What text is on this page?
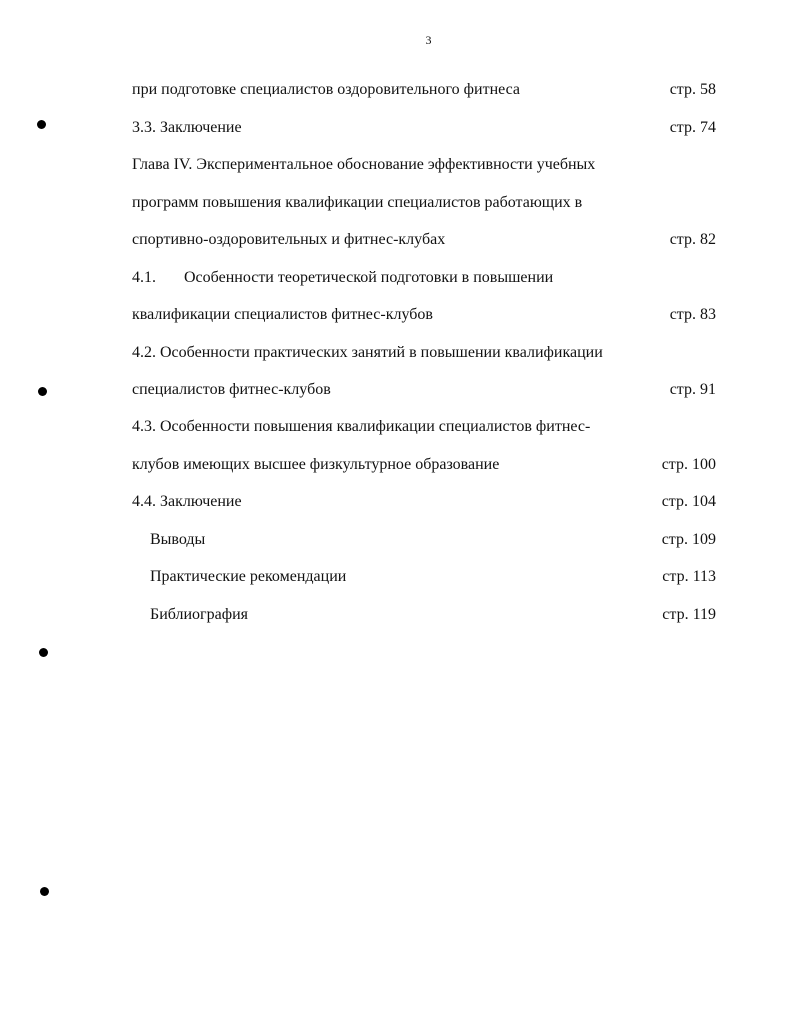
3
при подготовке специалистов оздоровительного фитнеса	стр. 58
3.3. Заключение	стр. 74
Глава IV. Экспериментальное обоснование эффективности учебных
программ повышения квалификации специалистов работающих в
спортивно-оздоровительных и фитнес-клубах	стр. 82
4.1. Особенности теоретической подготовки в повышении
квалификации специалистов фитнес-клубов	стр. 83
4.2. Особенности практических занятий в повышении квалификации
специалистов фитнес-клубов	стр. 91
4.3. Особенности повышения квалификации специалистов фитнес-
клубов имеющих высшее физкультурное образование	стр. 100
4.4. Заключение	стр. 104
Выводы	стр. 109
Практические рекомендации	стр. 113
Библиография	стр. 119
